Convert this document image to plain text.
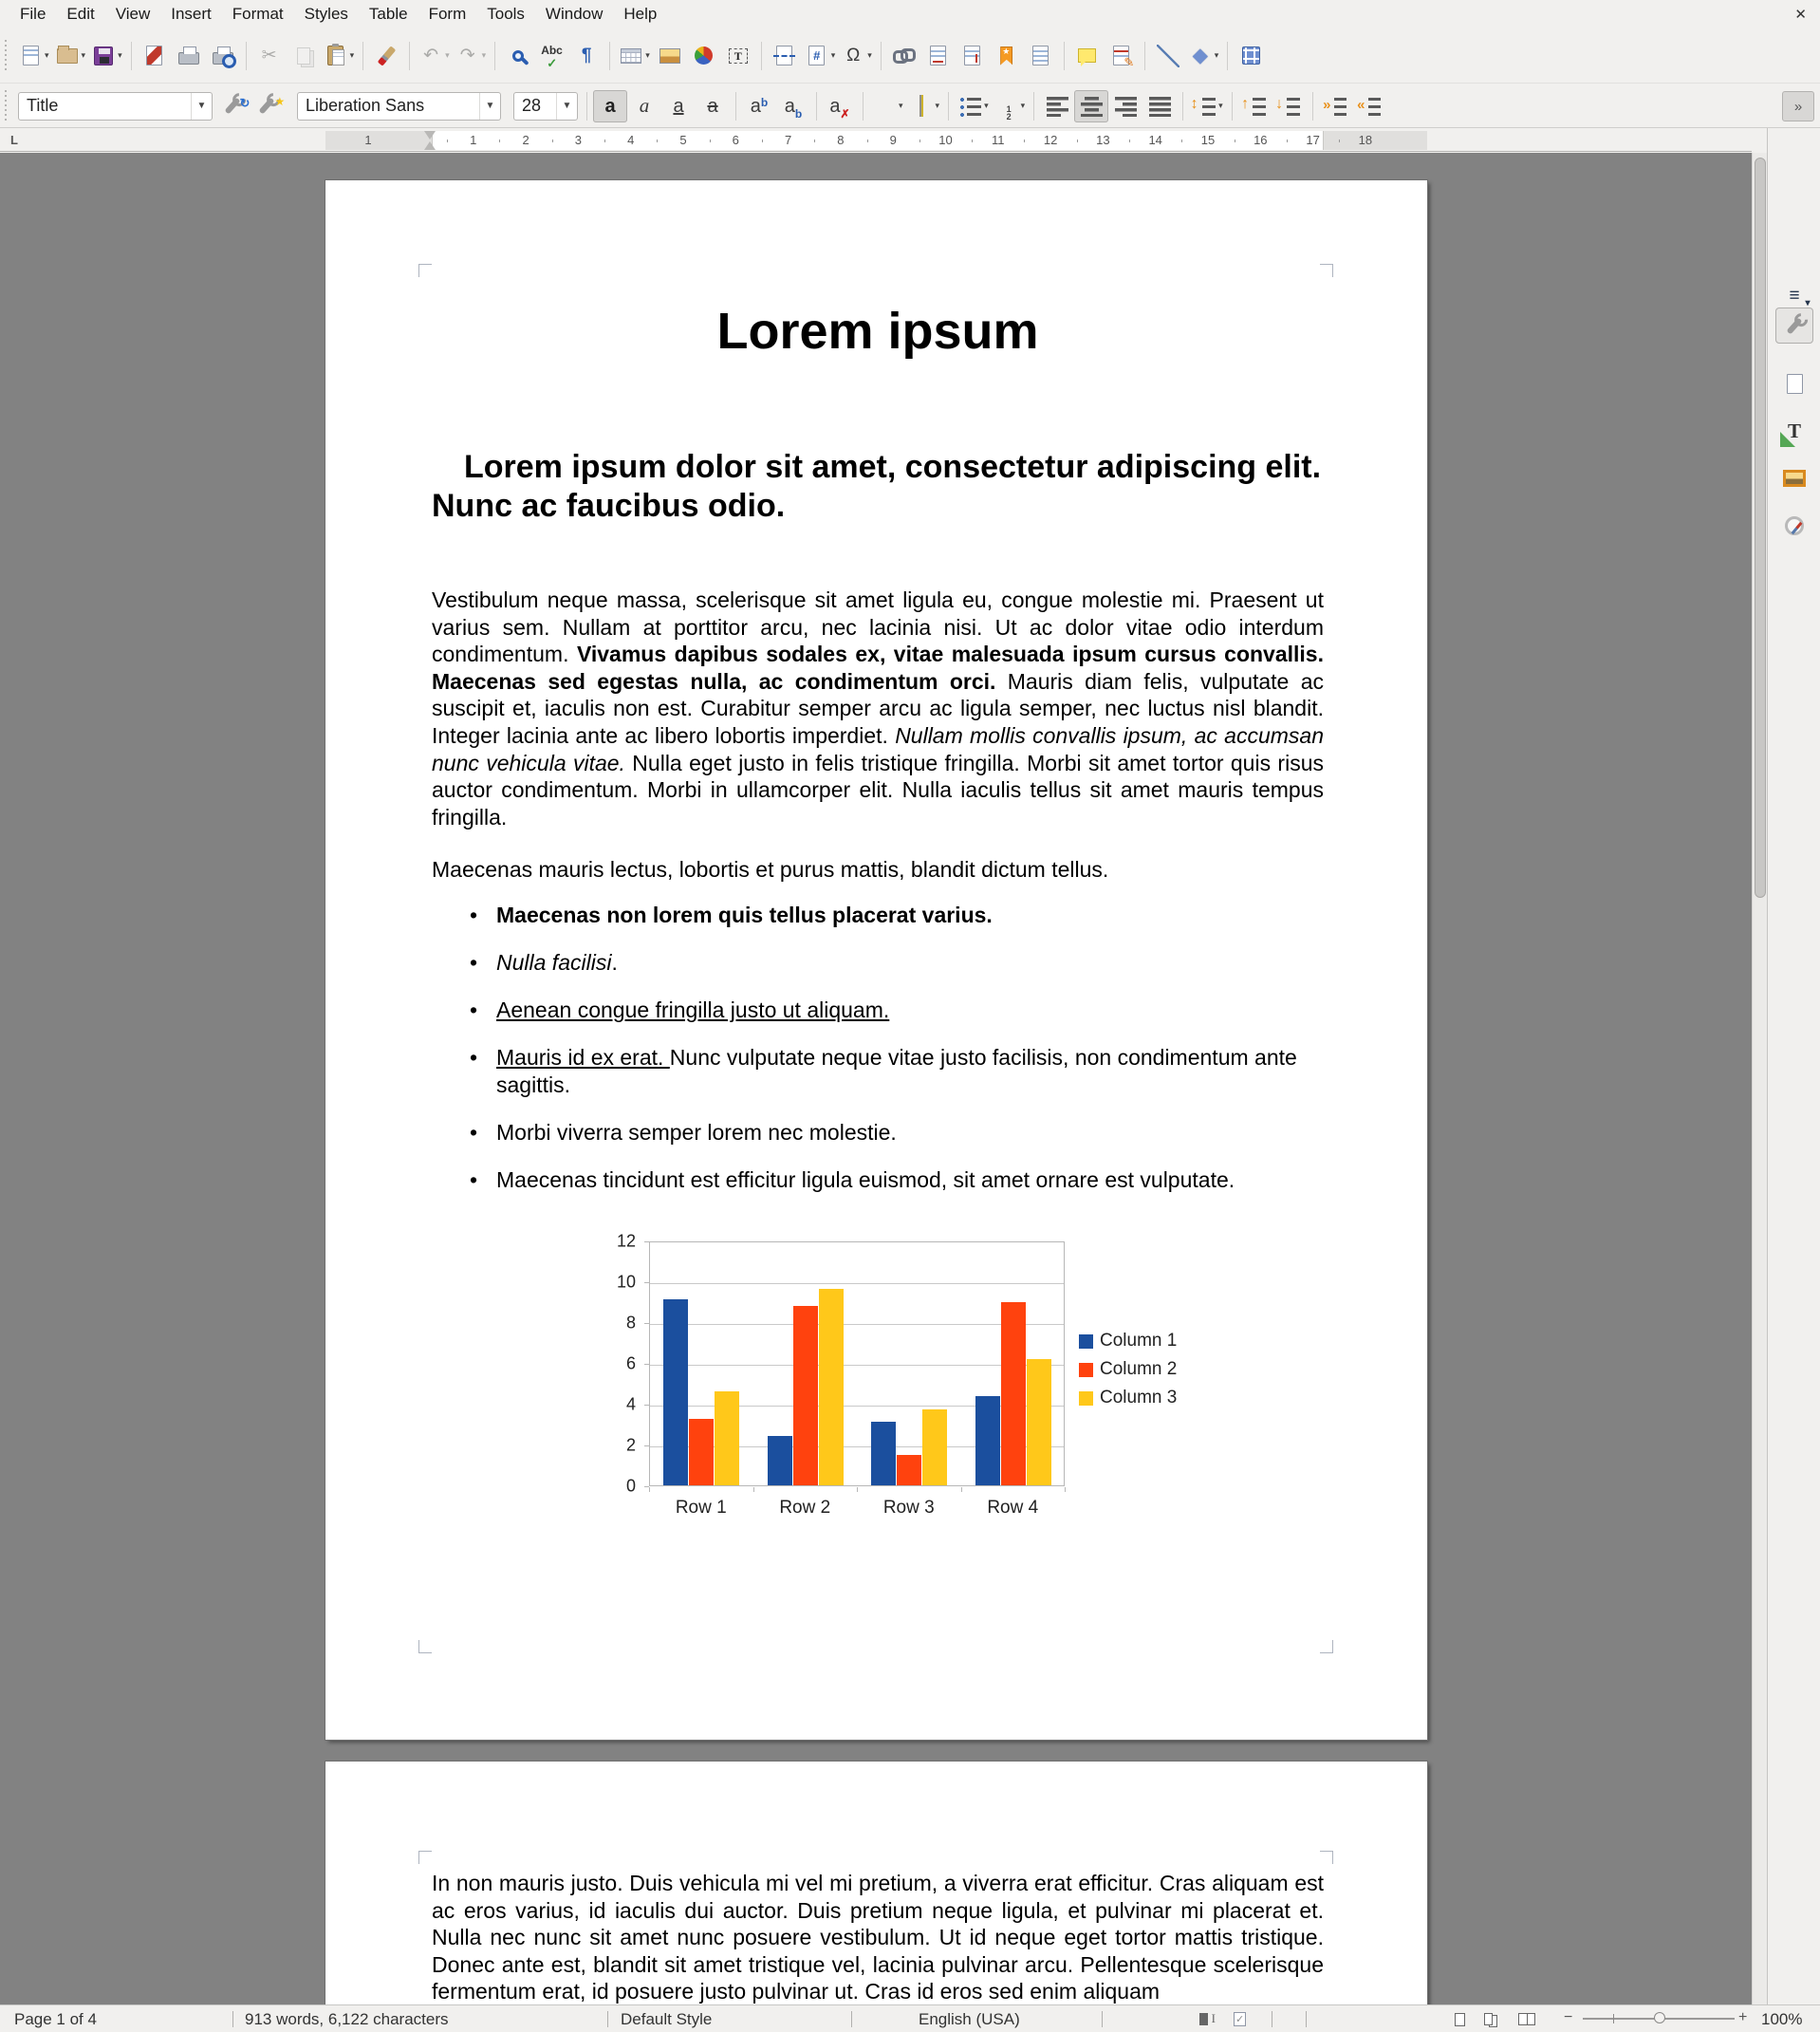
File	Edit	View	Insert	Format	Styles	Table	Form	Tools	Window	Help	✕
▾	▾	▾	✂	▾	↶ ▾ ↷ ▾ Abc ✓	¶	▾ T #	▾ Ω ▾ ★ ✎	◆ ▾
Title	▼ ↻ ★	Liberation Sans	▼	28	▼ a a a a a b a b a ✗	▾	▾	▾	▾ ↕	▾ ↑ ↓ » «	»
L	1	1	2	3	4	5	6	7	8	9	10	11	12	13	14	15	16	17	18
Lorem ipsum
Lorem ipsum dolor sit amet, consectetur adipiscing elit. Nunc ac faucibus odio.

Vestibulum neque massa, scelerisque sit amet ligula eu, congue molestie mi. Praesent ut varius sem. Nullam at porttitor arcu, nec lacinia nisi. Ut ac dolor vitae odio interdum condimentum. Vivamus dapibus sodales ex, vitae malesuada ipsum cursus convallis. Maecenas sed egestas nulla, ac condimentum orci. Mauris diam felis, vulputate ac suscipit et, iaculis non est. Curabitur semper arcu ac ligula semper, nec luctus nisl blandit. Integer lacinia ante ac libero lobortis imperdiet. Nullam mollis convallis ipsum, ac accumsan nunc vehicula vitae. Nulla eget justo in felis tristique fringilla. Morbi sit amet tortor quis risus auctor condimentum. Morbi in ullamcorper elit. Nulla iaculis tellus sit amet mauris tempus fringilla.

Maecenas mauris lectus, lobortis et purus mattis, blandit dictum tellus.

• Maecenas non lorem quis tellus placerat varius.
• Nulla facilisi.
• Aenean congue fringilla justo ut aliquam.
• Mauris id ex erat. Nunc vulputate neque vitae justo facilisis, non condimentum ante sagittis.
• Morbi viverra semper lorem nec molestie.
• Maecenas tincidunt est efficitur ligula euismod, sit amet ornare est vulputate.
Column 1
Column 2
Column 3
0
2
4
6
8
10
12
Row 1	Row 2	Row 3	Row 4

In non mauris justo. Duis vehicula mi vel mi pretium, a viverra erat efficitur. Cras aliquam est ac eros varius, id iaculis dui auctor. Duis pretium neque ligula, et pulvinar mi placerat et. Nulla nec nunc sit amet nunc posuere vestibulum. Ut id neque eget tortor mattis tristique. Donec ante est, blandit sit amet tristique vel, lacinia pulvinar arcu. Pellentesque scelerisque fermentum erat, id posuere justo pulvinar ut. Cras id eros sed enim aliquam

≡ ▾
T
Page 1 of 4	913 words, 6,122 characters	Default Style	English (USA) I ✓	−	+ 100%
